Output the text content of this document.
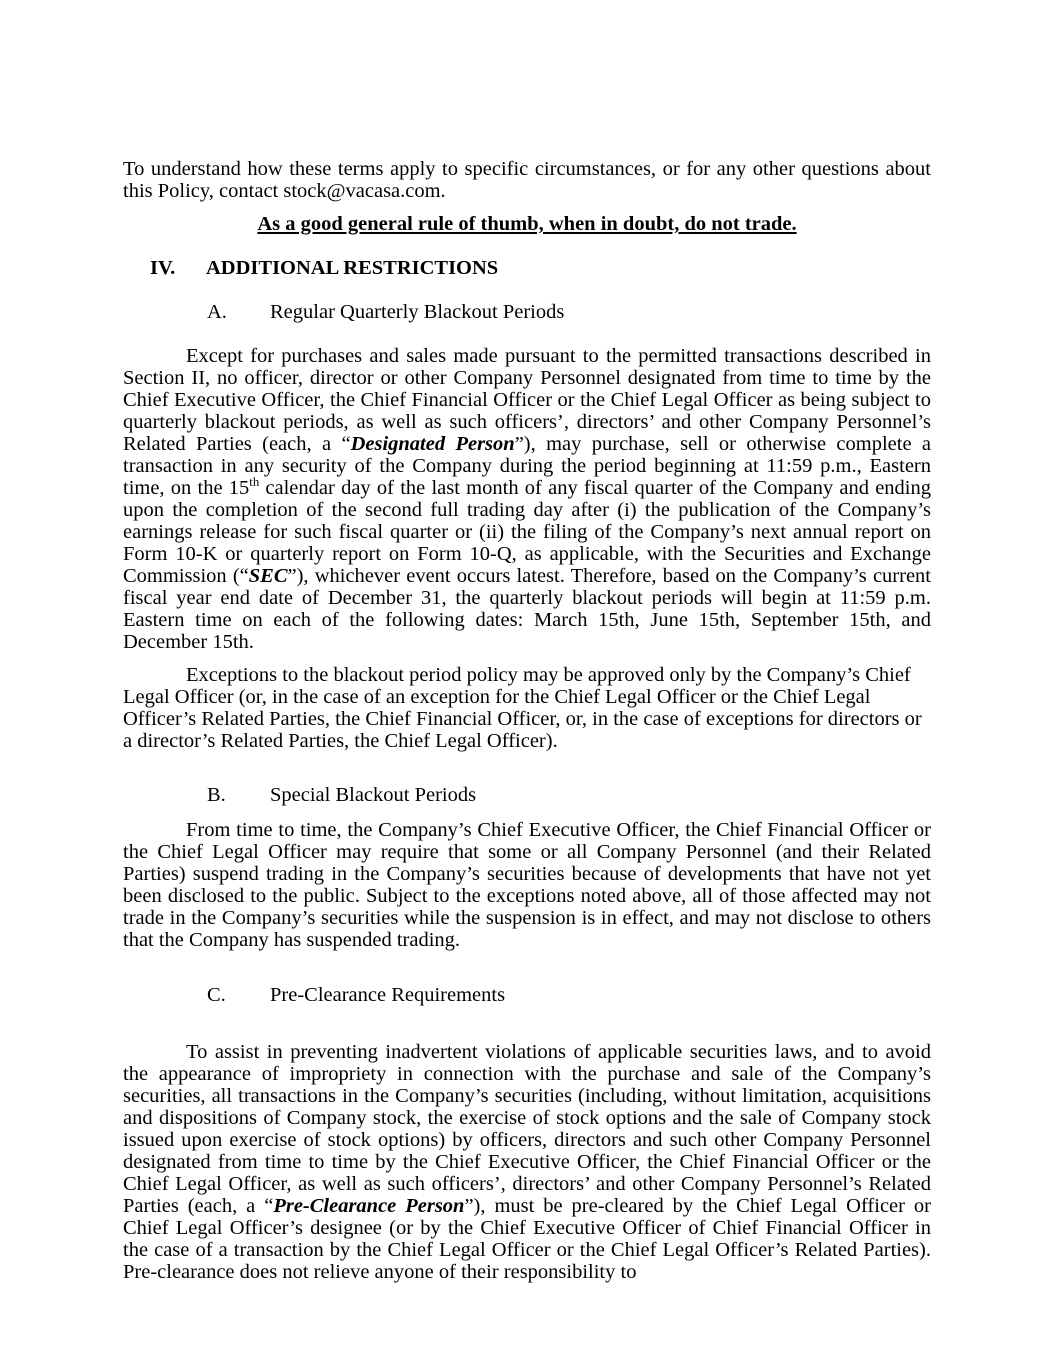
To understand how these terms apply to specific circumstances, or for any other questions about this Policy, contact stock@vacasa.com.

As a good general rule of thumb, when in doubt, do not trade.

IV.	ADDITIONAL RESTRICTIONS
A.	Regular Quarterly Blackout Periods

Except for purchases and sales made pursuant to the permitted transactions described in Section II, no officer, director or other Company Personnel designated from time to time by the Chief Executive Officer, the Chief Financial Officer or the Chief Legal Officer as being subject to quarterly blackout periods, as well as such officers’, directors’ and other Company Personnel’s Related Parties (each, a “Designated Person”), may purchase, sell or otherwise complete a transaction in any security of the Company during the period beginning at 11:59 p.m., Eastern time, on the 15th calendar day of the last month of any fiscal quarter of the Company and ending upon the completion of the second full trading day after (i) the publication of the Company’s earnings release for such fiscal quarter or (ii) the filing of the Company’s next annual report on Form 10-K or quarterly report on Form 10-Q, as applicable, with the Securities and Exchange Commission (“SEC”), whichever event occurs latest. Therefore, based on the Company’s current fiscal year end date of December 31, the quarterly blackout periods will begin at 11:59 p.m. Eastern time on each of the following dates: March 15th, June 15th, September 15th, and December 15th.

Exceptions to the blackout period policy may be approved only by the Company’s Chief Legal Officer (or, in the case of an exception for the Chief Legal Officer or the Chief Legal Officer’s Related Parties, the Chief Financial Officer, or, in the case of exceptions for directors or a director’s Related Parties, the Chief Legal Officer).

B.	Special Blackout Periods

From time to time, the Company’s Chief Executive Officer, the Chief Financial Officer or the Chief Legal Officer may require that some or all Company Personnel (and their Related Parties) suspend trading in the Company’s securities because of developments that have not yet been disclosed to the public. Subject to the exceptions noted above, all of those affected may not trade in the Company’s securities while the suspension is in effect, and may not disclose to others that the Company has suspended trading.

C.	Pre-Clearance Requirements

To assist in preventing inadvertent violations of applicable securities laws, and to avoid the appearance of impropriety in connection with the purchase and sale of the Company’s securities, all transactions in the Company’s securities (including, without limitation, acquisitions and dispositions of Company stock, the exercise of stock options and the sale of Company stock issued upon exercise of stock options) by officers, directors and such other Company Personnel designated from time to time by the Chief Executive Officer, the Chief Financial Officer or the Chief Legal Officer, as well as such officers’, directors’ and other Company Personnel’s Related Parties (each, a “Pre-Clearance Person”), must be pre-cleared by the Chief Legal Officer or Chief Legal Officer’s designee (or by the Chief Executive Officer of Chief Financial Officer in the case of a transaction by the Chief Legal Officer or the Chief Legal Officer’s Related Parties). Pre-clearance does not relieve anyone of their responsibility to
